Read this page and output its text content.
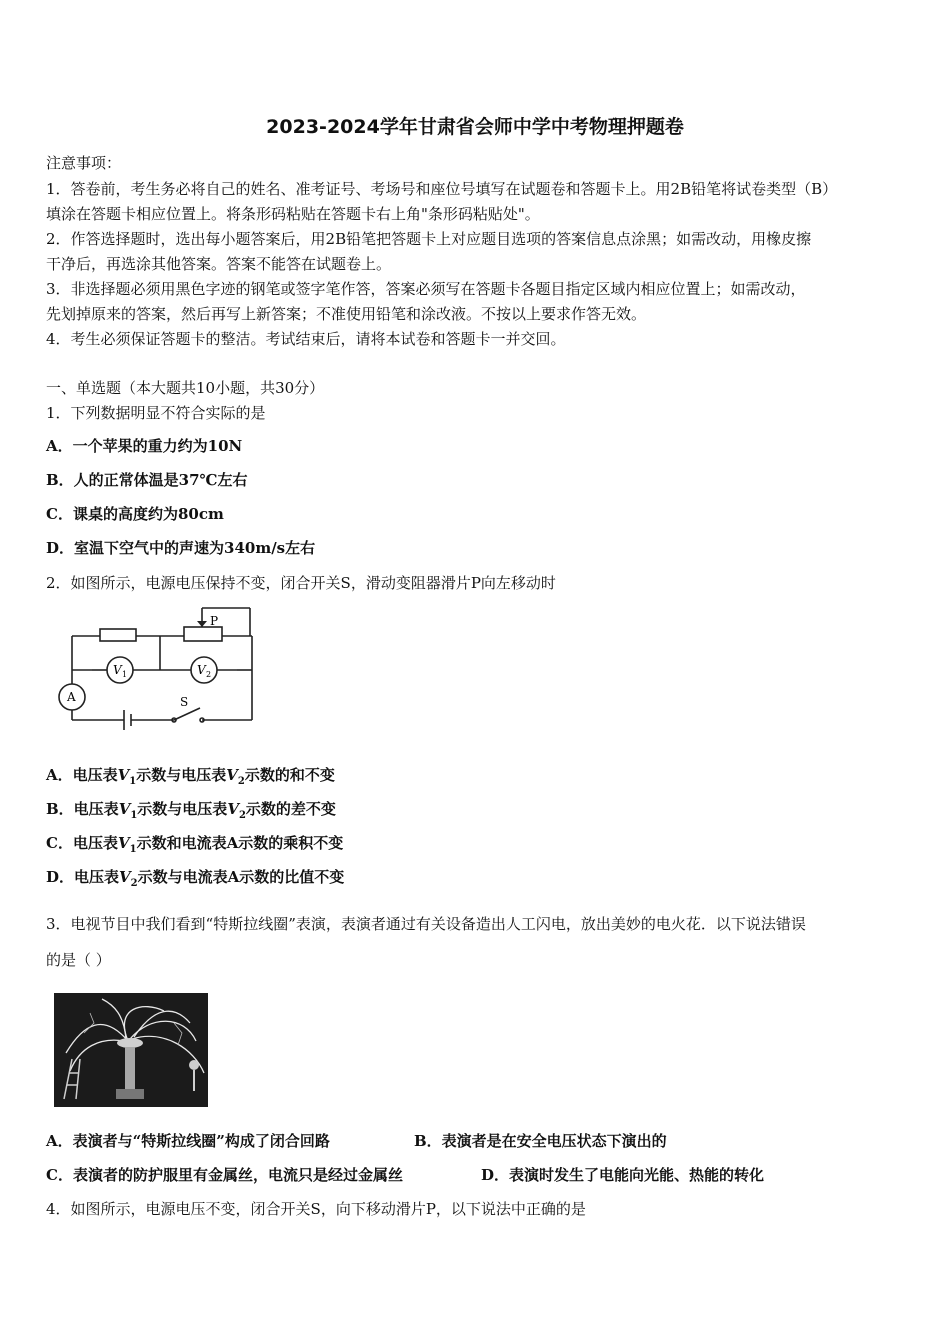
2023-2024学年甘肃省会师中学中考物理押题卷
注意事项：
1．答卷前，考生务必将自己的姓名、准考证号、考场号和座位号填写在试题卷和答题卡上。用2B铅笔将试卷类型（B）
填涂在答题卡相应位置上。将条形码粘贴在答题卡右上角"条形码粘贴处"。
2．作答选择题时，选出每小题答案后，用2B铅笔把答题卡上对应题目选项的答案信息点涂黑；如需改动，用橡皮擦
干净后，再选涂其他答案。答案不能答在试题卷上。
3．非选择题必须用黑色字迹的钢笔或签字笔作答，答案必须写在答题卡各题目指定区域内相应位置上；如需改动，
先划掉原来的答案，然后再写上新答案；不准使用铅笔和涂改液。不按以上要求作答无效。
4．考生必须保证答题卡的整洁。考试结束后，请将本试卷和答题卡一并交回。
一、单选题（本大题共10小题，共30分）
1．下列数据明显不符合实际的是
A．一个苹果的重力约为10N
B．人的正常体温是37℃左右
C．课桌的高度约为80cm
D．室温下空气中的声速为340m/s左右
2．如图所示，电源电压保持不变，闭合开关S，滑动变阻器滑片P向左移动时
P
V 1	V 2
A	S
A．电压表$V_1$示数与电压表$V_2$示数的和不变
B．电压表$V_1$示数与电压表$V_2$示数的差不变
C．电压表$V_1$示数和电流表A示数的乘积不变
D．电压表$V_2$示数与电流表A示数的比值不变
3．电视节目中我们看到“特斯拉线圈”表演，表演者通过有关设备造出人工闪电，放出美妙的电火花．以下说法错误
的是（ ）
A．表演者与“特斯拉线圈”构成了闭合回路	B．表演者是在安全电压状态下演出的
C．表演者的防护服里有金属丝，电流只是经过金属丝	D．表演时发生了电能向光能、热能的转化
4．如图所示，电源电压不变，闭合开关S，向下移动滑片P，以下说法中正确的是
